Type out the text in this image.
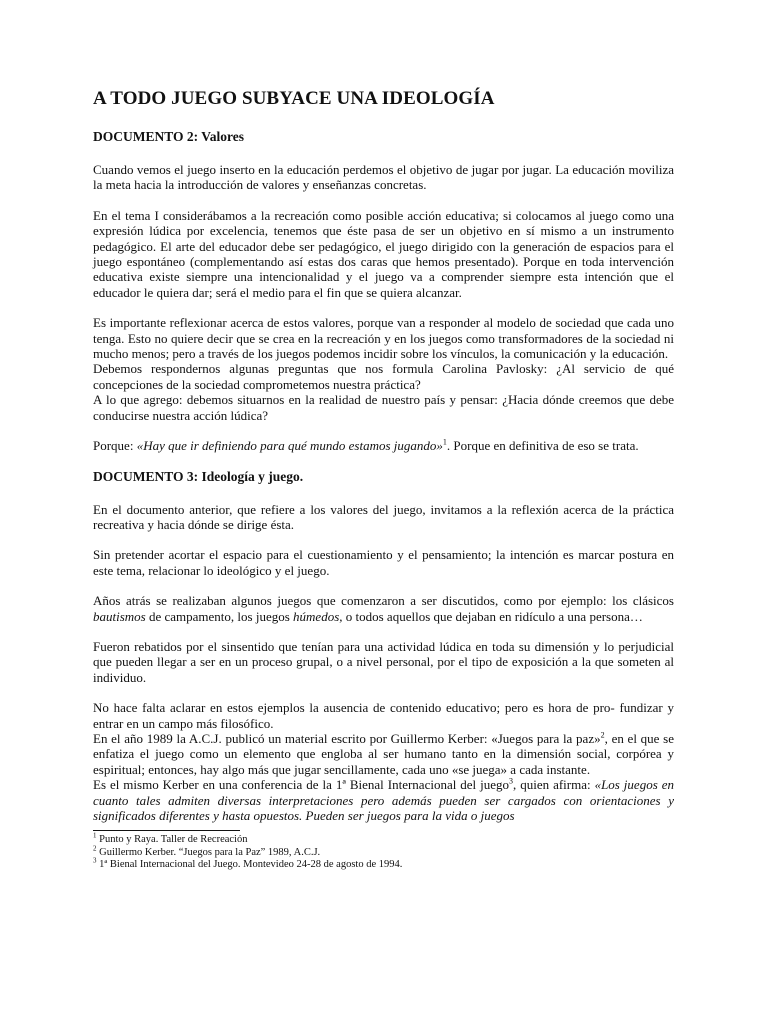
A TODO JUEGO SUBYACE UNA IDEOLOGÍA
DOCUMENTO 2: Valores

Cuando vemos el juego inserto en la educación perdemos el objetivo de jugar por jugar. La educación moviliza la meta hacia la introducción de valores y enseñanzas concretas.

En el tema I considerábamos a la recreación como posible acción educativa; si colocamos al juego como una expresión lúdica por excelencia, tenemos que éste pasa de ser un objetivo en sí mismo a un instrumento pedagógico. El arte del educador debe ser pedagógico, el juego dirigido con la generación de espacios para el juego espontáneo (complementando así estas dos caras que hemos presentado). Porque en toda intervención educativa existe siempre una intencionalidad y el juego va a comprender siempre esta intención que el educador le quiera dar; será el medio para el fin que se quiera alcanzar.

Es importante reflexionar acerca de estos valores, porque van a responder al modelo de sociedad que cada uno tenga. Esto no quiere decir que se crea en la recreación y en los juegos como transformadores de la sociedad ni mucho menos; pero a través de los juegos podemos incidir sobre los vínculos, la comunicación y la educación.

Debemos respondernos algunas preguntas que nos formula Carolina Pavlosky: ¿Al servicio de qué concepciones de la sociedad comprometemos nuestra práctica?

A lo que agrego: debemos situarnos en la realidad de nuestro país y pensar: ¿Hacia dónde creemos que debe conducirse nuestra acción lúdica?

Porque: «Hay que ir definiendo para qué mundo estamos jugando»$^1$. Porque en definitiva de eso se trata.

DOCUMENTO 3: Ideología y juego.

En el documento anterior, que refiere a los valores del juego, invitamos a la reflexión acerca de la práctica recreativa y hacia dónde se dirige ésta.

Sin pretender acortar el espacio para el cuestionamiento y el pensamiento; la intención es marcar postura en este tema, relacionar lo ideológico y el juego.

Años atrás se realizaban algunos juegos que comenzaron a ser discutidos, como por ejemplo: los clásicos bautismos de campamento, los juegos húmedos, o todos aquellos que dejaban en ridículo a una persona…

Fueron rebatidos por el sinsentido que tenían para una actividad lúdica en toda su dimensión y lo perjudicial que pueden llegar a ser en un proceso grupal, o a nivel personal, por el tipo de exposición a la que someten al individuo.

No hace falta aclarar en estos ejemplos la ausencia de contenido educativo; pero es hora de pro- fundizar y entrar en un campo más filosófico.

En el año 1989 la A.C.J. publicó un material escrito por Guillermo Kerber: «Juegos para la paz»$^2$, en el que se enfatiza el juego como un elemento que engloba al ser humano tanto en la dimensión social, corpórea y espiritual; entonces, hay algo más que jugar sencillamente, cada uno «se juega» a cada instante.

Es el mismo Kerber en una conferencia de la 1ª Bienal Internacional del juego$^3$, quien afirma: «Los juegos en cuanto tales admiten diversas interpretaciones pero además pueden ser cargados con orientaciones y significados diferentes y hasta opuestos. Pueden ser juegos para la vida o juegos

$^1$ Punto y Raya. Taller de Recreación

$^2$ Guillermo Kerber. “Juegos para la Paz” 1989, A.C.J.

$^3$ 1ª Bienal Internacional del Juego. Montevideo 24-28 de agosto de 1994.
